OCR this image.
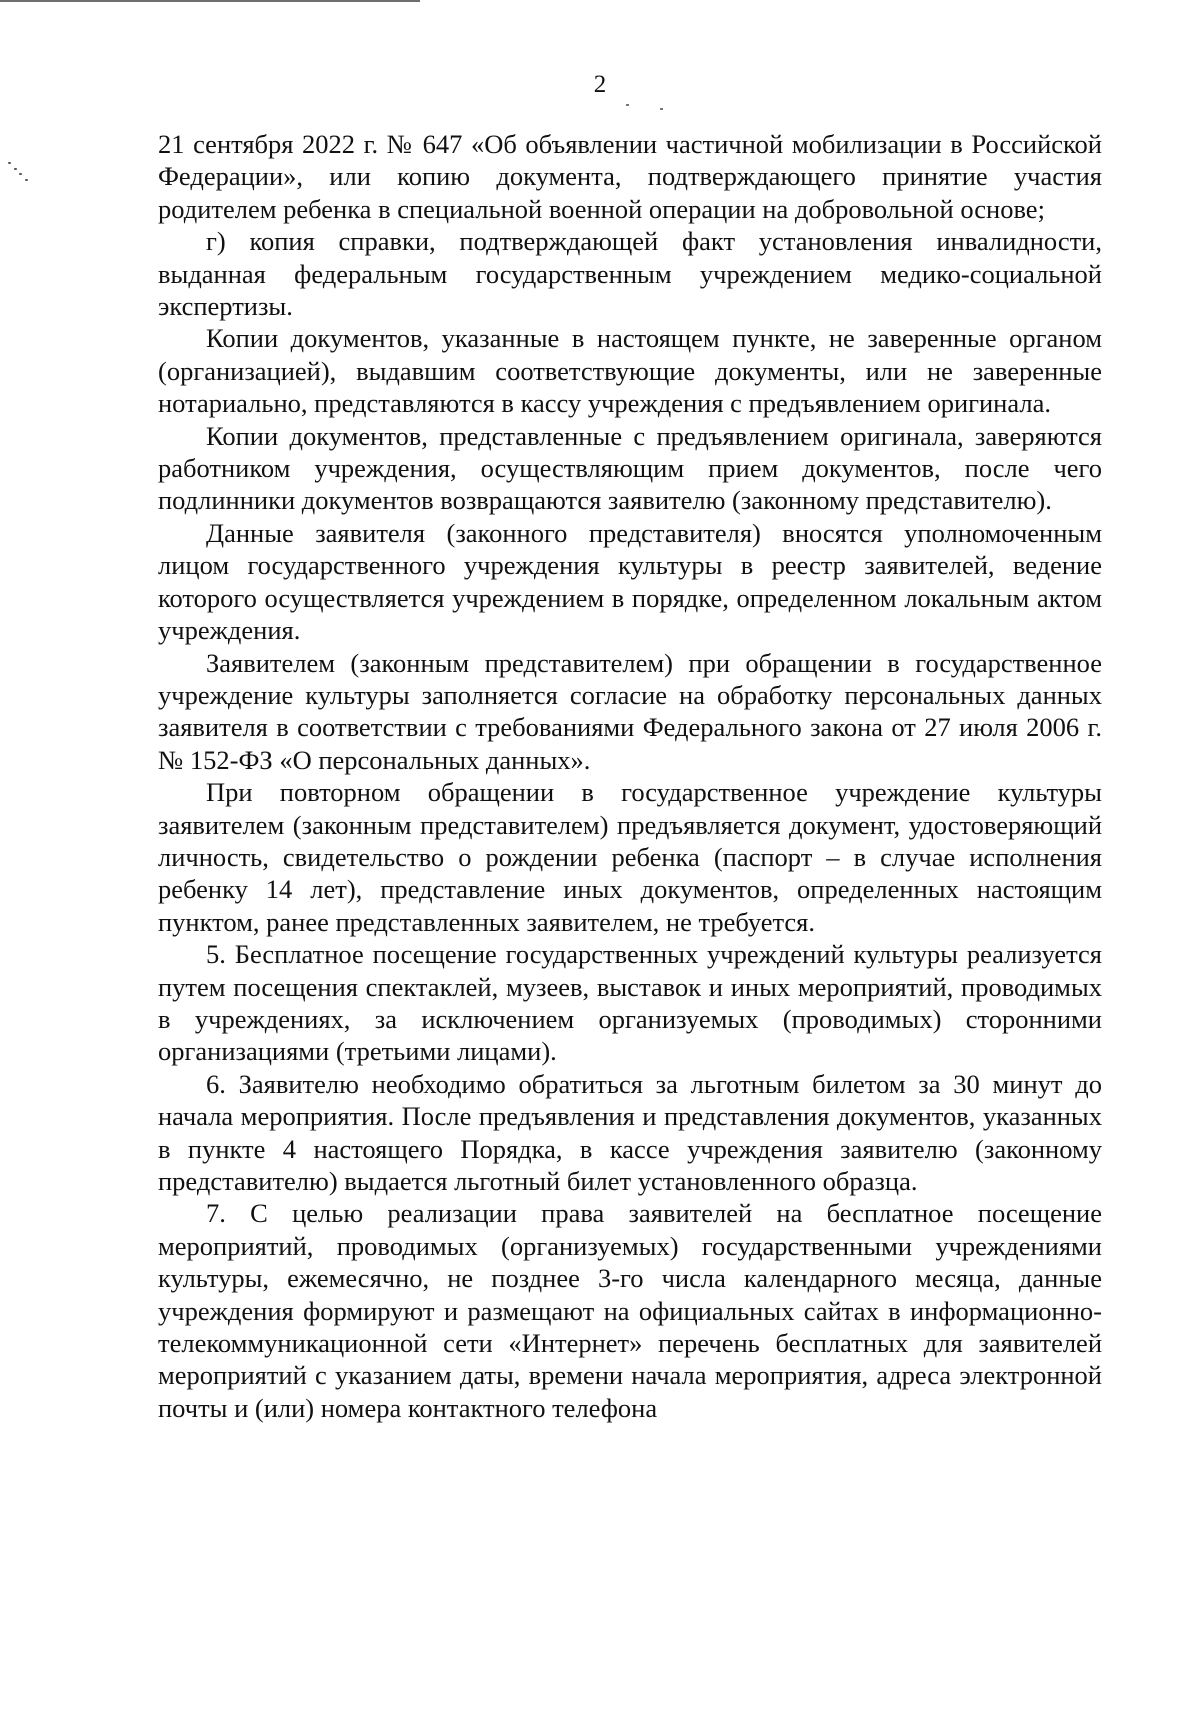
2

21 сентября 2022 г. № 647 «Об объявлении частичной мобилизации в Российской Федерации», или копию документа, подтверждающего принятие участия родителем ребенка в специальной военной операции на добровольной основе;

г) копия справки, подтверждающей факт установления инвалидности, выданная федеральным государственным учреждением медико-социальной экспертизы.

Копии документов, указанные в настоящем пункте, не заверенные органом (организацией), выдавшим соответствующие документы, или не заверенные нотариально, представляются в кассу учреждения с предъявлением оригинала.

Копии документов, представленные с предъявлением оригинала, заверяются работником учреждения, осуществляющим прием документов, после чего подлинники документов возвращаются заявителю (законному представителю).

Данные заявителя (законного представителя) вносятся уполномоченным лицом государственного учреждения культуры в реестр заявителей, ведение которого осуществляется учреждением в порядке, определенном локальным актом учреждения.

Заявителем (законным представителем) при обращении в государственное учреждение культуры заполняется согласие на обработку персональных данных заявителя в соответствии с требованиями Федерального закона от 27 июля 2006 г. № 152-ФЗ «О персональных данных».

При повторном обращении в государственное учреждение культуры заявителем (законным представителем) предъявляется документ, удостоверяющий личность, свидетельство о рождении ребенка (паспорт – в случае исполнения ребенку 14 лет), представление иных документов, определенных настоящим пунктом, ранее представленных заявителем, не требуется.

5. Бесплатное посещение государственных учреждений культуры реализуется путем посещения спектаклей, музеев, выставок и иных мероприятий, проводимых в учреждениях, за исключением организуемых (проводимых) сторонними организациями (третьими лицами).

6. Заявителю необходимо обратиться за льготным билетом за 30 минут до начала мероприятия. После предъявления и представления документов, указанных в пункте 4 настоящего Порядка, в кассе учреждения заявителю (законному представителю) выдается льготный билет установленного образца.

7. С целью реализации права заявителей на бесплатное посещение мероприятий, проводимых (организуемых) государственными учреждениями культуры, ежемесячно, не позднее 3-го числа календарного месяца, данные учреждения формируют и размещают на официальных сайтах в информационно-телекоммуникационной сети «Интернет» перечень бесплатных для заявителей мероприятий с указанием даты, времени начала мероприятия, адреса электронной почты и (или) номера контактного телефона
